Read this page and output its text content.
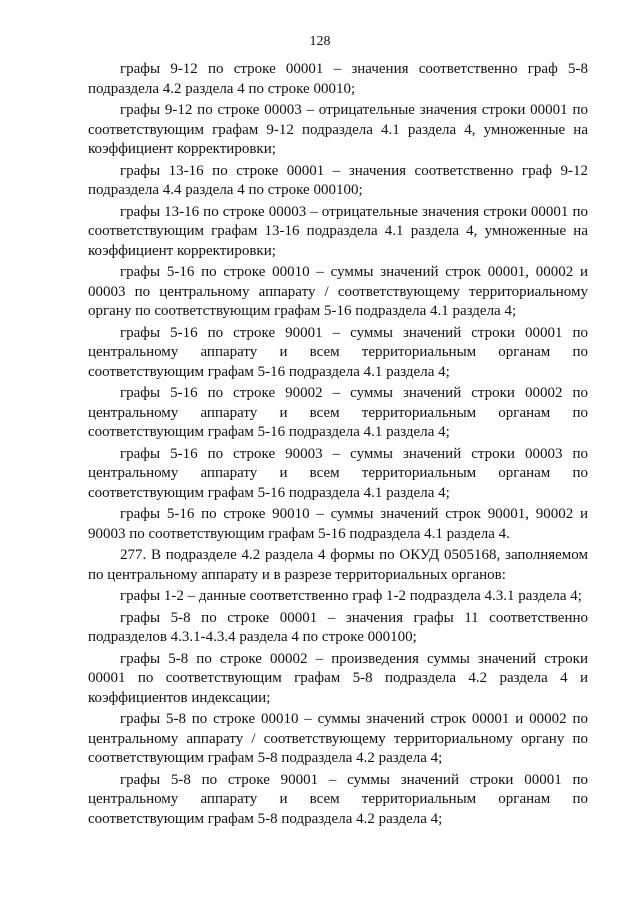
128

графы 9-12 по строке 00001 – значения соответственно граф 5-8 подраздела 4.2 раздела 4 по строке 00010;

графы 9-12 по строке 00003 – отрицательные значения строки 00001 по соответствующим графам 9-12 подраздела 4.1 раздела 4, умноженные на коэффициент корректировки;

графы 13-16 по строке 00001 – значения соответственно граф 9-12 подраздела 4.4 раздела 4 по строке 000100;

графы 13-16 по строке 00003 – отрицательные значения строки 00001 по соответствующим графам 13-16 подраздела 4.1 раздела 4, умноженные на коэффициент корректировки;

графы 5-16 по строке 00010 – суммы значений строк 00001, 00002 и 00003 по центральному аппарату / соответствующему территориальному органу по соответствующим графам 5-16 подраздела 4.1 раздела 4;

графы 5-16 по строке 90001 – суммы значений строки 00001 по центральному аппарату и всем территориальным органам по соответствующим графам 5-16 подраздела 4.1 раздела 4;

графы 5-16 по строке 90002 – суммы значений строки 00002 по центральному аппарату и всем территориальным органам по соответствующим графам 5-16 подраздела 4.1 раздела 4;

графы 5-16 по строке 90003 – суммы значений строки 00003 по центральному аппарату и всем территориальным органам по соответствующим графам 5-16 подраздела 4.1 раздела 4;

графы 5-16 по строке 90010 – суммы значений строк 90001, 90002 и 90003 по соответствующим графам 5-16 подраздела 4.1 раздела 4.

277. В подразделе 4.2 раздела 4 формы по ОКУД 0505168, заполняемом по центральному аппарату и в разрезе территориальных органов:

графы 1-2 – данные соответственно граф 1-2 подраздела 4.3.1 раздела 4;

графы 5-8 по строке 00001 – значения графы 11 соответственно подразделов 4.3.1-4.3.4 раздела 4 по строке 000100;

графы 5-8 по строке 00002 – произведения суммы значений строки 00001 по соответствующим графам 5-8 подраздела 4.2 раздела 4 и коэффициентов индексации;

графы 5-8 по строке 00010 – суммы значений строк 00001 и 00002 по центральному аппарату / соответствующему территориальному органу по соответствующим графам 5-8 подраздела 4.2 раздела 4;

графы 5-8 по строке 90001 – суммы значений строки 00001 по центральному аппарату и всем территориальным органам по соответствующим графам 5-8 подраздела 4.2 раздела 4;
